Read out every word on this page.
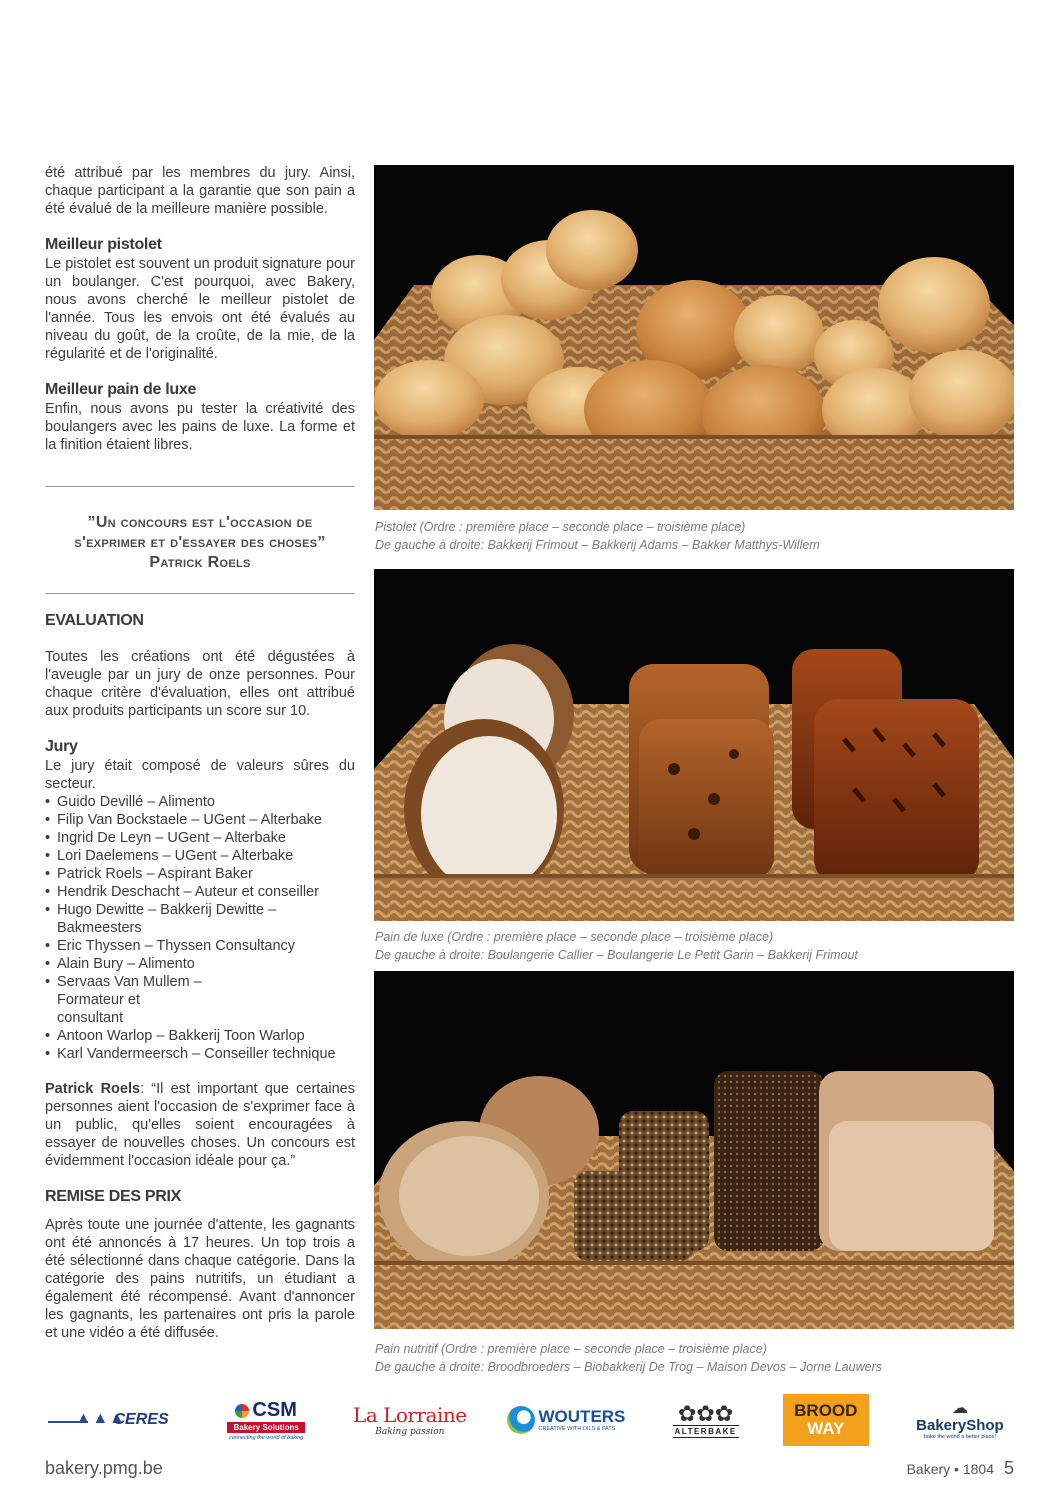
été attribué par les membres du jury. Ainsi, chaque participant a la garantie que son pain a été évalué de la meilleure manière possible.

Meilleur pistolet

Le pistolet est souvent un produit signature pour un boulanger. C'est pourquoi, avec Bakery, nous avons cherché le meilleur pistolet de l'année. Tous les envois ont été évalués au niveau du goût, de la croûte, de la mie, de la régularité et de l'originalité.

Meilleur pain de luxe

Enfin, nous avons pu tester la créativité des boulangers avec les pains de luxe. La forme et la finition étaient libres.

”Un concours est l'occasion de
s'exprimer et d'essayer des choses”
Patrick Roels
EVALUATION

Toutes les créations ont été dégustées à l'aveugle par un jury de onze personnes. Pour chaque critère d'évaluation, elles ont attribué aux produits participants un score sur 10.

Jury

Le jury était composé de valeurs sûres du secteur.

• Guido Devillé – Alimento
• Filip Van Bockstaele – UGent – Alterbake
• Ingrid De Leyn – UGent – Alterbake
• Lori Daelemens – UGent – Alterbake
• Patrick Roels – Aspirant Baker
• Hendrik Deschacht – Auteur et conseiller
• Hugo Dewitte – Bakkerij Dewitte – Bakmeesters
• Eric Thyssen – Thyssen Consultancy
• Alain Bury – Alimento
• Servaas Van Mullem – Formateur et consultant
• Antoon Warlop – Bakkerij Toon Warlop
• Karl Vandermeersch – Conseiller technique

Patrick Roels: “Il est important que certaines personnes aient l'occasion de s'exprimer face à un public, qu'elles soient encouragées à essayer de nouvelles choses. Un concours est évidemment l'occasion idéale pour ça.”

REMISE DES PRIX

Après toute une journée d'attente, les gagnants ont été annoncés à 17 heures. Un top trois a été sélectionné dans chaque catégorie. Dans la catégorie des pains nutritifs, un étudiant a également été récompensé. Avant d'annoncer les gagnants, les partenaires ont pris la parole et une vidéo a été diffusée.

Pistolet (Ordre : première place – seconde place – troisième place)
De gauche à droite: Bakkerij Frimout – Bakkerij Adams – Bakker Matthys-Willem
Pain de luxe (Ordre : première place – seconde place – troisième place)
De gauche à droite: Boulangerie Callier – Boulangerie Le Petit Garin – Bakkerij Frimout
Pain nutritif (Ordre : première place – seconde place – troisième place)
De gauche à droite: Broodbroeders – Biobakkerij De Trog – Maison Devos – Jorne Lauwers
▲▲▲
CERES	CSM
Bakery Solutions
connecting the world of baking
La Lorraine
Baking passion
WOUTERS
CREATIVE WITH OILS & FATS
✿✿✿
ALTERBAKE
BROOD
WAY
☁
BakeryShop
bake the world a better place!
bakery.pmg.be	Bakery • 1804 5
